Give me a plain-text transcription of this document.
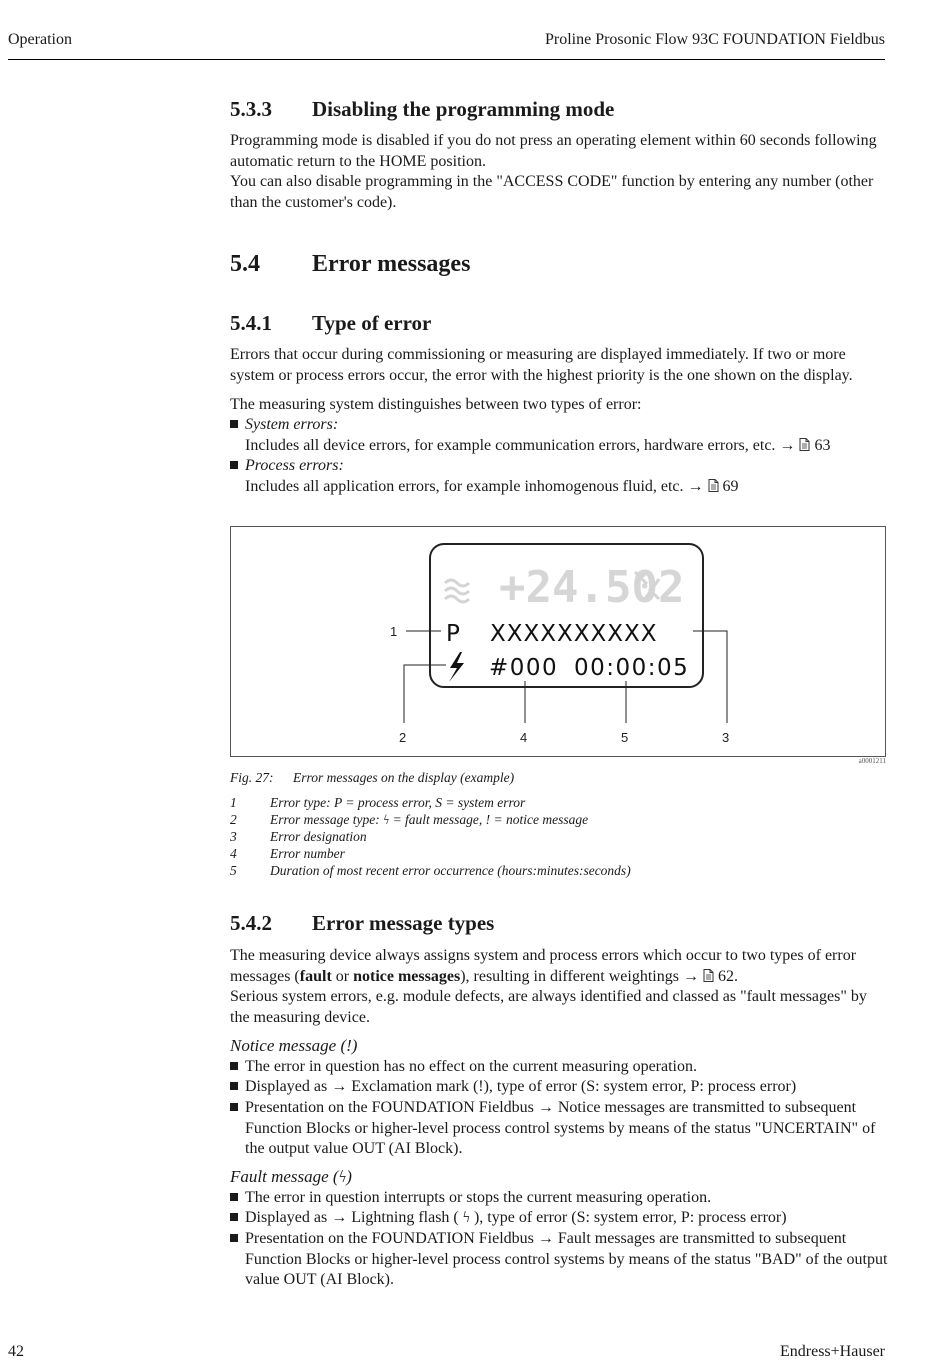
Operation	Proline Prosonic Flow 93C FOUNDATION Fieldbus
5.3.3 Disabling the programming mode

Programming mode is disabled if you do not press an operating element within 60 seconds following automatic return to the HOME position.

You can also disable programming in the "ACCESS CODE" function by entering any number (other than the customer's code).

5.4 Error messages
5.4.1 Type of error

Errors that occur during commissioning or measuring are displayed immediately. If two or more system or process errors occur, the error with the highest priority is the one shown on the display.

The measuring system distinguishes between two types of error:

System errors:
Includes all device errors, for example communication errors, hardware errors, etc. → 63
Process errors:
Includes all application errors, for example inhomogenous fluid, etc. → 69
+24.502
P XXXXXXXXXX
#000 00:00:05
1
2	4	5	3
a0001211
Fig. 27: Error messages on the display (example)
1 Error type: P = process error, S = system error
2 Error message type: ϟ = fault message, ! = notice message
3 Error designation
4 Error number
5 Duration of most recent error occurrence (hours:minutes:seconds)
5.4.2 Error message types

The measuring device always assigns system and process errors which occur to two types of error messages (fault or notice messages), resulting in different weightings → 62.

Serious system errors, e.g. module defects, are always identified and classed as "fault messages" by the measuring device.

Notice message (!)
The error in question has no effect on the current measuring operation.
Displayed as → Exclamation mark (!), type of error (S: system error, P: process error)
Presentation on the FOUNDATION Fieldbus → Notice messages are transmitted to subsequent Function Blocks or higher-level process control systems by means of the status "UNCERTAIN" of the output value OUT (AI Block).
Fault message (ϟ)
The error in question interrupts or stops the current measuring operation.
Displayed as → Lightning flash ( ϟ ), type of error (S: system error, P: process error)
Presentation on the FOUNDATION Fieldbus → Fault messages are transmitted to subsequent Function Blocks or higher-level process control systems by means of the status "BAD" of the output value OUT (AI Block).
42	Endress+Hauser
